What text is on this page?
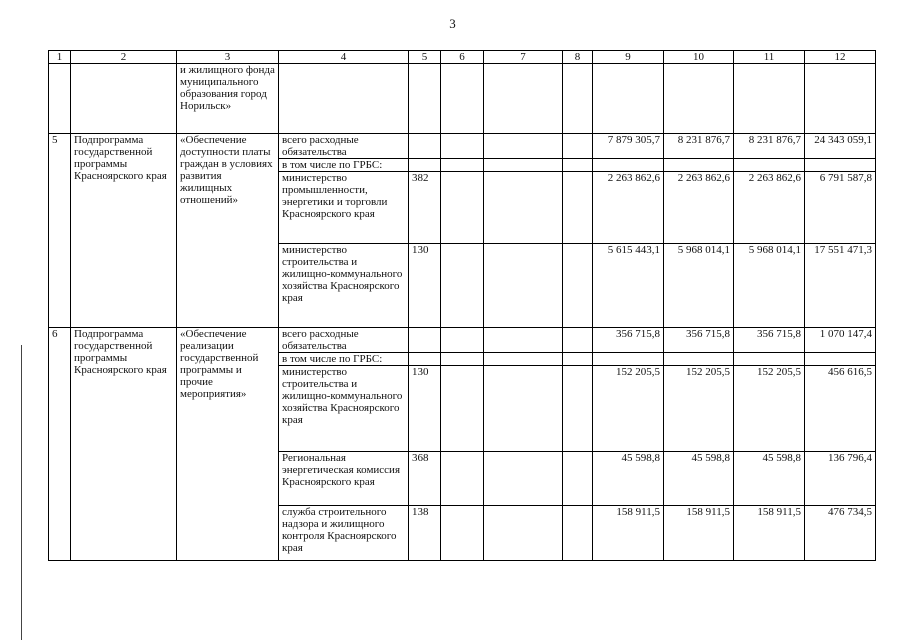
3
1	2	3	4	5	6	7	8	9	10	11	12
		и жилищного фонда муниципального образования город Норильск»									
5	Подпрограмма государственной программы Красноярского края	«Обеспечение доступности платы граждан в условиях развития жилищных отношений»	всего расходные обязательства					7 879 305,7	8 231 876,7	8 231 876,7	24 343 059,1
			в том числе по ГРБС:								
			министерство промышленности, энергетики и торговли Красноярского края	382				2 263 862,6	2 263 862,6	2 263 862,6	6 791 587,8
			министерство строительства и жилищно-коммунального хозяйства Красноярского края	130				5 615 443,1	5 968 014,1	5 968 014,1	17 551 471,3
6	Подпрограмма государственной программы Красноярского края	«Обеспечение реализации государственной программы и прочие мероприятия»	всего расходные обязательства					356 715,8	356 715,8	356 715,8	1 070 147,4
			в том числе по ГРБС:								
			министерство строительства и жилищно-коммунального хозяйства Красноярского края	130				152 205,5	152 205,5	152 205,5	456 616,5
			Региональная энергетическая комиссия Красноярского края	368				45 598,8	45 598,8	45 598,8	136 796,4
			служба строительного надзора и жилищного контроля Красноярского края	138				158 911,5	158 911,5	158 911,5	476 734,5
